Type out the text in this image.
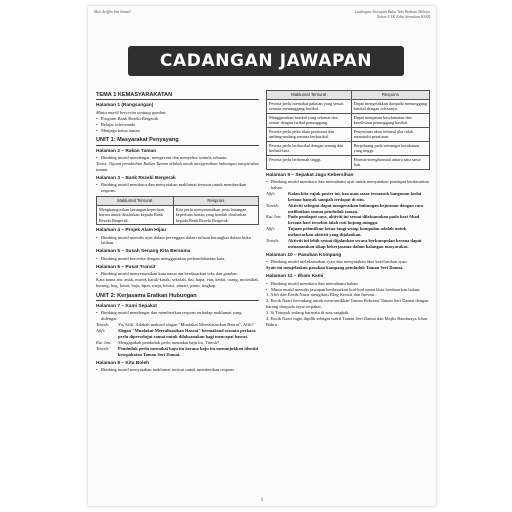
Mat Ariffin bin Ismail	Cadangan Jawapan Buku Teks Bahasa Melayu
Tahun 5 SK Edisi Semakan KSSR
CADANGAN JAWAPAN
TEMA 1 KEMASYARAKATAN
Halaman 1 (Rangsangan)
Minta murid bercerita tentang gambar.
• Program Bank Rezeki Bergerak
• Belajar tolerwando
• Menjaga ketua taman
UNIT 1: Masyarakat Penyayang
Halaman 2 – Rakan Taman
• Bimbing murid mendengar, mengecam dan menyebut semula sebutan.
Tinisi: Tujuan penubuhan Rakan Taman adalah untuk mengeratkan hubungan masyarakat taman.
Halaman 3 – Bank Rezeki Bergerak
• Bimbing murid membaca dan menyatakan maklumat tersurat untuk memberikan respons.
Maklumat Tersurat	Respons
Mengkategorikan barangan keperluan harian untuk disalurkan kepada Bank Rezeki Bergerak.	Kita perlu menyenaraikan jenis barangan keperluan harian yang hendak disalurkan kepada Bank Rezeki Bergerak.
Halaman 4 – Projek Alam Hijau
• Bimbing murid menulis ayat dalam perenggan dalam tulisan berangkai dalam buku latihan.
Halaman 5 – Susah Senang Kita Bersama
• Bimbing murid bercerita dengan menggunakan perbendaharaan kata.
Halaman 6 – Pusat Transit
• Bimbing murid menyenaraikan kata nama am berdasarkan teks dan gambar.
Kata nama am: anak, murid, karak-karak, sekolah, ibu, bapa, van, kedai, orang, motosikal, burung, beg, kasut, baju, lipas, meja, kerusi, almari, pintu, tingkap.
UNIT 2: Kerjasama Eratkan Hubungan
Halaman 7 – Kami Sepakat
• Bimbing murid mendengar dan memberikan respons terhadap maklumat yang didengar.
Tinesh:	Ya, Afifi. Adakah maksud slogan "Muafakat Merealisasikan Hasrat", Afifi?
Afifi:	Slogan "Muafakat Merealisasikan Hasrat" bermaksud sesuatu perkara perlu diperselujui ramai untuk dilaksanakan bagi mencapai hasrat.
Kai Jun:	Mengapakah penduduk perlu memakai baju itu, Tinesh?
Tinesh:	Penduduk perlu memakai baju itu kerana baju itu menunjukkan identiti kesepakatan Taman Seri Damai.
Halaman 8 – Kita Boleh
• Bimbing murid menyatakan maklumat tersirat untuk memberikan respons.
Maklumat Tersurat	Respons
Peserta perlu memakai pakaian yang sesuai semasa menunggang basikal.	Dapat mengelakkan daripada menunggang basikal dengan selesanya.
Menggunakan basikal yang selamat dan sesuai dengan fizikal penunggang.	Dapat menjamin keselamatan dan keselesaan penunggang basikal.
Peserta perlu peka akan peraturan dan undang-undang semasa berbasikal.	Penyertaan akan terbatal jika tidak mematuhi peraturan.
Peserta perlu berbasikal dengan tenang dan berhati-hati.	Berpeluang pada semangat kesukanan yang tinggi.
Peserta perlu berhemah tinggi.	Hormat-menghormati antara satu sama lain.
Halaman 9 – Sepakat Jaga Kebersihan
• Bimbing murid membaca dan memahami ayat untuk menyatakan pendapat berdasarkan bahan.
Afifi:	Kalau kita rujuk poster ini, kawasan sasar termasuk bangunan kedai kerana banyak sampah terdapat di situ.
Tinesh:	Aktiviti sebegini dapat mengeratkan hubungan kejiranan dengan cara melibatkan semua penduduk taman.
Kai Jun:	Pada pendapat saya, aktiviti ini sesuai dilaksanakan pada hari Ahad kerana hari tersebut ialah cuti hujung minggu.
Afifi:	Tujuan pelantikan ketua tangi setiap kumpulan adalah untuk melancarkan aktiviti yang dijalankan.
Tinesh:	Aktiviti ini lebih sesuai dijalankan secara berkumpulan kerana dapat menanamkan sikap bekerjasama dalam kalangan masyarakat.
Halaman 10 – Pasukan Kompang
• Bimbing murid melaksanakan syair dan menyatakan idea keseluruhan syair.
Syair ini menjelaskan pasukan kompang penduduk Taman Seri Damai.
Halaman 11 – Ilham Kami
• Bimbing murid membaca dan memahami bahan.
• Minta murid menulis jawapan berdasarkan kod-kod nama khas berdasarkan bahan.
1. Afifi dan Encik Nazri mengikuti Blog Kreatif dan Inovasi.
2. Encik Nazri bercadang untuk mencantikkan Taman Rekreasi Taman Seri Damai dengan barang daripada tayar terpakai.
3. Si Tompok sedang bermain di atas sangkak.
4. Encik Nazri ingin dipilih sebagai wakil Taman Seri Damai dan Majlis Bandaraya Johor Bahru.
1
